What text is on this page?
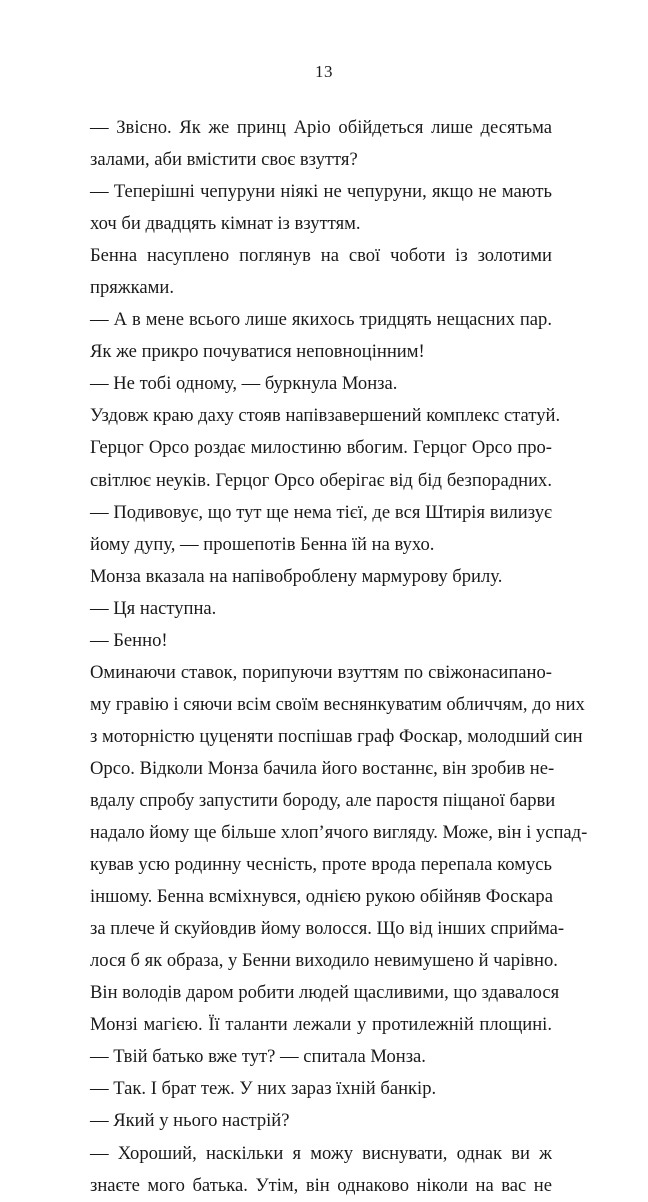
13
— Звісно. Як же принц Аріо обійдеться лише десятьма
залами, аби вмістити своє взуття?
— Теперішні чепуруни ніякі не чепуруни, якщо не мають
хоч би двадцять кімнат із взуттям.
Бенна насуплено поглянув на свої чоботи із золотими
пряжками.
— А в мене всього лише якихось тридцять нещасних пар.
Як же прикро почуватися неповноцінним!
— Не тобі одному, — буркнула Монза.
Уздовж краю даху стояв напівзавершений комплекс статуй.
Герцог Орсо роздає милостиню вбогим. Герцог Орсо про-
світлює неуків. Герцог Орсо оберігає від бід безпорадних.
— Подивовує, що тут ще нема тієї, де вся Штирія вилизує
йому дупу, — прошепотів Бенна їй на вухо.
Монза вказала на напівоброблену мармурову брилу.
— Ця наступна.
— Бенно!
Оминаючи ставок, порипуючи взуттям по свіжонасипано-
му гравію і сяючи всім своїм веснянкуватим обличчям, до них
з моторністю цуценяти поспішав граф Фоскар, молодший син
Орсо. Відколи Монза бачила його востаннє, він зробив не-
вдалу спробу запустити бороду, але паростя піщаної барви
надало йому ще більше хлоп’ячого вигляду. Може, він і успад-
кував усю родинну чесність, проте врода перепала комусь
іншому. Бенна всміхнувся, однією рукою обійняв Фоскара
за плече й скуйовдив йому волосся. Що від інших сприйма-
лося б як образа, у Бенни виходило невимушено й чарівно.
Він володів даром робити людей щасливими, що здавалося
Монзі магією. Її таланти лежали у протилежній площині.
— Твій батько вже тут? — спитала Монза.
— Так. І брат теж. У них зараз їхній банкір.
— Який у нього настрій?
— Хороший, наскільки я можу виснувати, однак ви ж
знаєте мого батька. Утім, він однаково ніколи на вас не
